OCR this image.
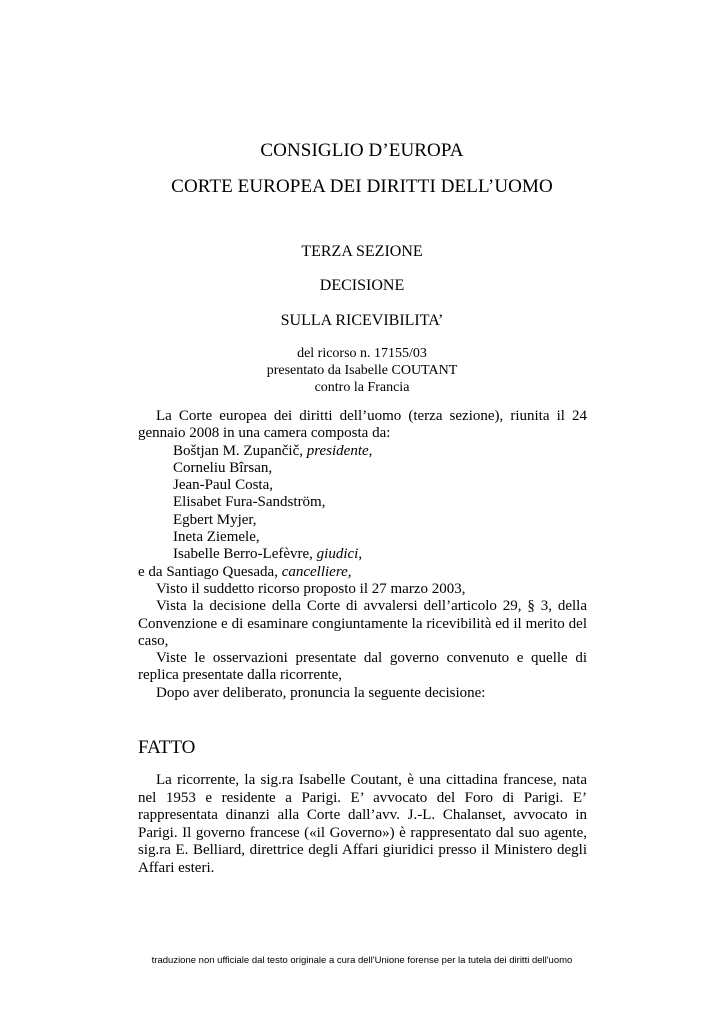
CONSIGLIO D’EUROPA
CORTE EUROPEA DEI DIRITTI DELL’UOMO
TERZA SEZIONE
DECISIONE
SULLA RICEVIBILITA’
del ricorso n. 17155/03
presentato da Isabelle COUTANT
contro la Francia

La Corte europea dei diritti dell’uomo (terza sezione), riunita il 24 gennaio 2008 in una camera composta da:

Boštjan M. Zupančič, presidente,

Corneliu Bîrsan,

Jean-Paul Costa,

Elisabet Fura-Sandström,

Egbert Myjer,

Ineta Ziemele,

Isabelle Berro-Lefèvre, giudici,

e da Santiago Quesada, cancelliere,

Visto il suddetto ricorso proposto il 27 marzo 2003,

Vista la decisione della Corte di avvalersi dell’articolo 29, § 3, della Convenzione e di esaminare congiuntamente la ricevibilità ed il merito del caso,

Viste le osservazioni presentate dal governo convenuto e quelle di replica presentate dalla ricorrente,

Dopo aver deliberato, pronuncia la seguente decisione:

FATTO

La ricorrente, la sig.ra Isabelle Coutant, è una cittadina francese, nata nel 1953 e residente a Parigi. E’ avvocato del Foro di Parigi. E’ rappresentata dinanzi alla Corte dall’avv. J.-L. Chalanset, avvocato in Parigi. Il governo francese («il Governo») è rappresentato dal suo agente, sig.ra E. Belliard, direttrice degli Affari giuridici presso il Ministero degli Affari esteri.

traduzione non ufficiale dal testo originale a cura dell'Unione forense per la tutela dei diritti dell'uomo
